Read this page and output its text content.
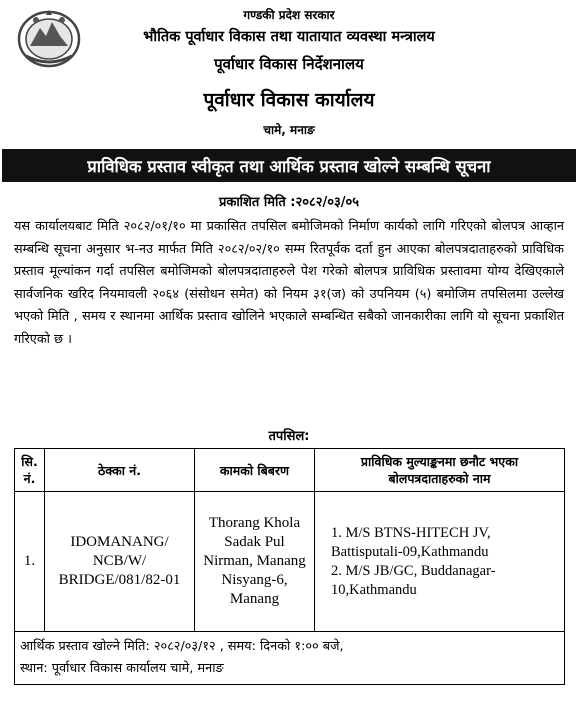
गण्डकी प्रदेश सरकार
भौतिक पूर्वाधार विकास तथा यातायात व्यवस्था मन्त्रालय
पूर्वाधार विकास निर्देशनालय
पूर्वाधार विकास कार्यालय
चामे, मनाङ
प्राविधिक प्रस्ताव स्वीकृत तथा आर्थिक प्रस्ताव खोल्ने सम्बन्धि सूचना
प्रकाशित मिति :२०८२/०३/०५
यस कार्यालयबाट मिति २०८२/०१/१० मा प्रकासित तपसिल बमोजिमको निर्माण कार्यको लागि गरिएको बोलपत्र आव्हान सम्बन्धि सूचना अनुसार भ-नउ मार्फत मिति २०८२/०२/१० सम्म रितपूर्वक दर्ता हुन आएका बोलपत्रदाताहरुको प्राविधिक प्रस्ताव मूल्यांकन गर्दा तपसिल बमोजिमको बोलपत्रदाताहरुले पेश गरेको बोलपत्र प्राविधिक प्रस्तावमा योग्य देखिएकाले सार्वजनिक खरिद नियमावली २०६४ (संसोधन समेत) को नियम ३१(ज) को उपनियम (५) बमोजिम तपसिलमा उल्लेख भएको मिति , समय र स्थानमा आर्थिक प्रस्ताव खोलिने भएकाले सम्बन्धित सबैको जानकारीका लागि यो सूचना प्रकाशित गरिएको छ ।
तपसिल:
सि. नं.	ठेक्का नं.	कामको बिबरण	प्राविधिक मुल्याङ्कनमा छनौट भएका बोलपत्रदाताहरुको नाम
1.	IDOMANANG/ NCB/W/ BRIDGE/081/82-01	Thorang Khola Sadak Pul Nirman, Manang Nisyang-6, Manang	1. M/S BTNS-HITECH JV, Battisputali-09,Kathmandu
2. M/S JB/GC, Buddanagar-10,Kathmandu

आर्थिक प्रस्ताव खोल्ने मिति: २०८२/०३/१२ , समय: दिनको १:०० बजे,
स्थान: पूर्वाधार विकास कार्यालय चामे, मनाङ			
